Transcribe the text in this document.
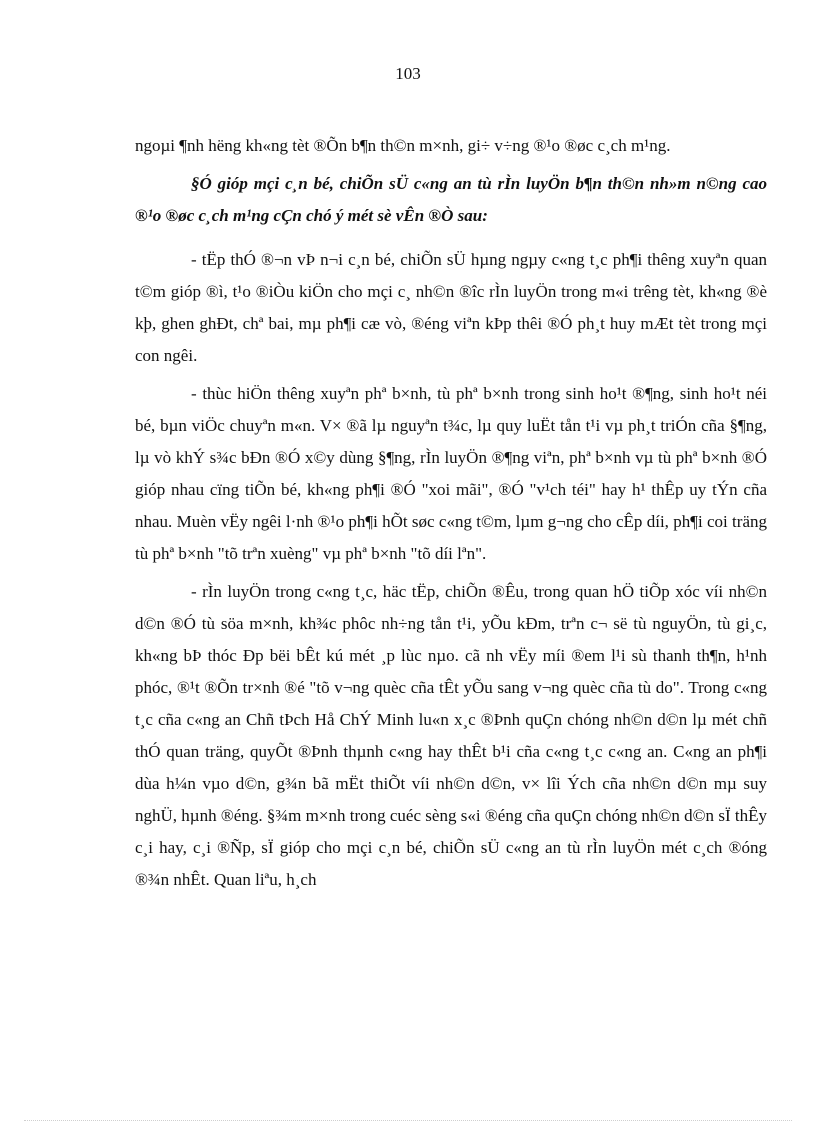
103

ngoµi ¶nh hëng kh«ng tèt ®Õn b¶n th©n m×nh, gi÷ v÷ng ®¹o ®øc c¸ch m¹ng.

§Ó gióp mçi c¸n bé, chiÕn sÜ c«ng an tù rÌn luyÖn b¶n th©n nh»m n©ng cao ®¹o ®øc c¸ch m¹ng cÇn chó ý mét sè vÊn ®Ò sau:

- tËp thÓ ®¬n vÞ n¬i c¸n bé, chiÕn sÜ hµng ngµy c«ng t¸c ph¶i thêng xuyªn quan t©m gióp ®ì, t¹o ®iÒu kiÖn cho mçi c¸ nh©n ®îc rÌn luyÖn trong m«i trêng tèt, kh«ng ®è kþ, ghen ghÐt, chª bai, mµ ph¶i cæ vò, ®éng viªn kÞp thêi ®Ó ph¸t huy mÆt tèt trong mçi con ngêi.

- thùc hiÖn thêng xuyªn phª b×nh, tù phª b×nh trong sinh ho¹t ®¶ng, sinh ho¹t néi bé, bµn viÖc chuyªn m«n. V× ®ã lµ nguyªn t¾c, lµ quy luËt tån t¹i vµ ph¸t triÓn cña §¶ng, lµ vò khÝ s¾c bÐn ®Ó x©y dùng §¶ng, rÌn luyÖn ®¶ng viªn, phª b×nh vµ tù phª b×nh ®Ó gióp nhau cïng tiÕn bé, kh«ng ph¶i ®Ó "xoi mãi", ®Ó "v¹ch téi" hay h¹ thÊp uy tÝn cña nhau. Muèn vËy ngêi l·nh ®¹o ph¶i hÕt søc c«ng t©m, lµm g¬ng cho cÊp díi, ph¶i coi träng tù phª b×nh "tõ trªn xuèng" vµ phª b×nh "tõ díi lªn".

- rÌn luyÖn trong c«ng t¸c, häc tËp, chiÕn ®Êu, trong quan hÖ tiÕp xóc víi nh©n d©n ®Ó tù söa m×nh, kh¾c phôc nh÷ng tån t¹i, yÕu kÐm, trªn c¬ së tù nguyÖn, tù gi¸c, kh«ng bÞ thóc Ðp bëi bÊt kú mét ¸p lùc nµo. cã nh vËy míi ®em l¹i sù thanh th¶n, h¹nh phóc, ®¹t ®Õn tr×nh ®é "tõ v¬ng quèc cña tÊt yÕu sang v¬ng quèc cña tù do". Trong c«ng t¸c cña c«ng an Chñ tÞch Hå ChÝ Minh lu«n x¸c ®Þnh quÇn chóng nh©n d©n lµ mét chñ thÓ quan träng, quyÕt ®Þnh thµnh c«ng hay thÊt b¹i cña c«ng t¸c c«ng an. C«ng an ph¶i dùa h¼n vµo d©n, g¾n bã mËt thiÕt víi nh©n d©n, v× lîi Ých cña nh©n d©n mµ suy nghÜ, hµnh ®éng. §¾m m×nh trong cuéc sèng s«i ®éng cña quÇn chóng nh©n d©n sÏ thÊy c¸i hay, c¸i ®Ñp, sÏ gióp cho mçi c¸n bé, chiÕn sÜ c«ng an tù rÌn luyÖn mét c¸ch ®óng ®¾n nhÊt. Quan liªu, h¸ch
